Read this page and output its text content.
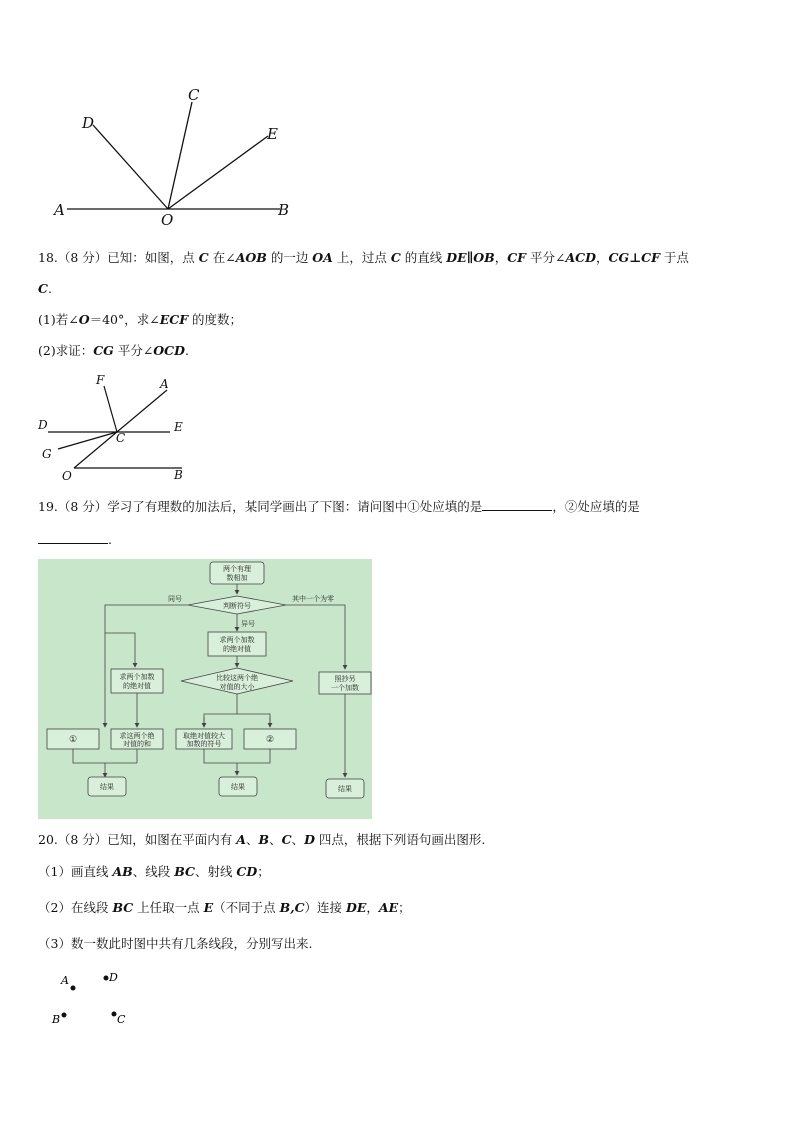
A
O
B
D
C
E
18.（8 分）已知：如图，点 C 在∠AOB 的一边 OA 上，过点 C 的直线 DE∥OB，CF 平分∠ACD，CG⊥CF 于点
C.
(1)若∠O＝40°，求∠ECF 的度数；
(2)求证：CG 平分∠OCD.
F	A
D
C
E
G
O	B
19.（8 分）学习了有理数的加法后，某同学画出了下图：请问图中①处应填的是	，②处应填的是
.
两个有理
数相加
判断符号
同号
异号
其中一个为零
求两个加数
的绝对值
比较这两个绝
对值的大小
求两个加数
的绝对值
照抄另
一个加数
①	求这两个绝
对值的和
取绝对值较大
加数的符号	②
结果	结果	结果
20.（8 分）已知，如图在平面内有 A、B、C、D 四点，根据下列语句画出图形.
（1）画直线 AB、线段 BC、射线 CD；
（2）在线段 BC 上任取一点 E（不同于点 B,C）连接 DE，AE；
（3）数一数此时图中共有几条线段，分别写出来.
A	D
B	C
